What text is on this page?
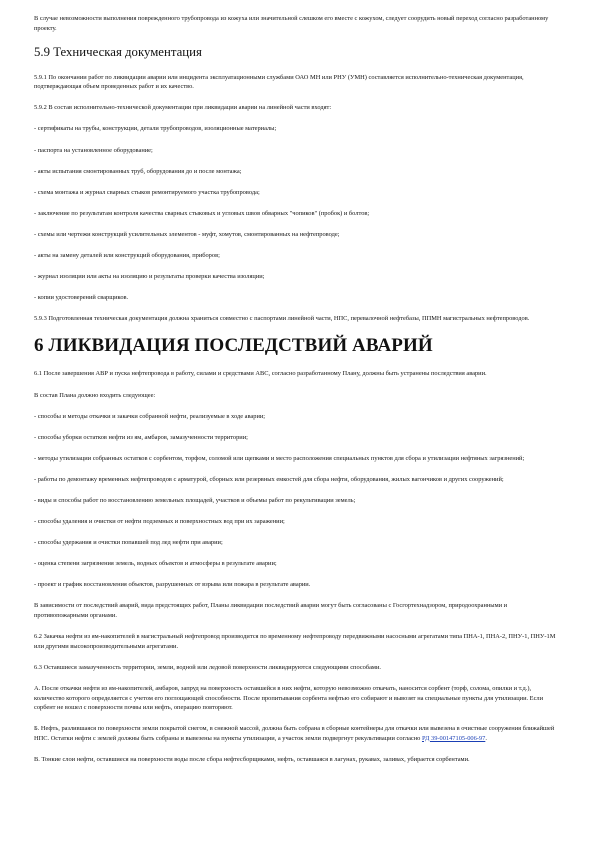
В случае невозможности выполнения поврежденного трубопровода из кожуха или значительной слешком его вместе с кожухом, следует соорудить новый переход согласно разработанному проекту.

5.9 Техническая документация

5.9.1 По окончании работ по ликвидации аварии или инцидента эксплуатационными службами ОАО МН или РНУ (УМН) составляется исполнительно-техническая документация, подтверждающая объем проведенных работ и их качество.

5.9.2 В состав исполнительно-технической документации при ликвидации аварии на линейной части входят:

- сертификаты на трубы, конструкции, детали трубопроводов, изоляционные материалы;

- паспорта на установленное оборудование;

- акты испытания смонтированных труб, оборудования до и после монтажа;

- схема монтажа и журнал сварных стыков ремонтируемого участка трубопровода;

- заключение по результатам контроля качества сварных стыковых и угловых швов обварных "чопиков" (пробок) и болтов;

- схемы или чертежи конструкций усилительных элементов - муфт, хомутов, смонтированных на нефтепроводе;

- акты на замену деталей или конструкций оборудования, приборов;

- журнал изоляции или акты на изоляцию и результаты проверки качества изоляции;

- копии удостоверений сварщиков.

5.9.3 Подготовленная техническая документация должна храниться совместно с паспортами линейной части, НПС, перевалочной нефтебазы, ППМН магистральных нефтепроводов.

6 ЛИКВИДАЦИЯ ПОСЛЕДСТВИЙ АВАРИЙ

6.1 После завершения АВР и пуска нефтепровода в работу, силами и средствами АВС, согласно разработанному Плану, должны быть устранены последствия аварии.

В состав Плана должно входить следующее:

- способы и методы откачки и закачки собранной нефти, реализуемые в ходе аварии;

- способы уборки остатков нефти из ям, амбаров, замазученности территории;

- методы утилизации собранных остатков с сорбентом, торфом, соломой или щепками и место расположения специальных пунктов для сбора и утилизации нефтяных загрязнений;

- работы по демонтажу временных нефтепроводов с арматурой, сборных или резервных емкостей для сбора нефти, оборудования, жилых вагончиков и других сооружений;

- виды и способы работ по восстановлению земельных площадей, участков и объемы работ по рекультивации земель;

- способы удаления и очистки от нефти подземных и поверхностных вод при их заражении;

- способы удержания и очистки попавшей под лед нефти при аварии;

- оценка степени загрязнения земель, водных объектов и атмосферы в результате аварии;

- проект и график восстановления объектов, разрушенных от взрыва или пожара в результате аварии.

В зависимости от последствий аварий, вида предстоящих работ, Планы ликвидации последствий аварии могут быть согласованы с Госгортехнадзором, природоохранными и противопожарными органами.

6.2 Закачка нефти из ям-накопителей в магистральный нефтепровод производится по временному нефтепроводу передвижными насосными агрегатами типа ПНА-1, ПНА-2, ПНУ-1, ПНУ-1М или другими высокопроизводительными агрегатами.

6.3 Оставшиеся замазученность территории, земли, водной или ледовой поверхности ликвидируются следующими способами.

А. После откачки нефти из ям-накопителей, амбаров, запруд на поверхность оставшейся в них нефти, которую невозможно откачать, наносится сорбент (торф, солома, опилки и т.д.), количество которого определяется с учетом его поглощающей способности. После пропитывания сорбента нефтью его собирают и вывозят на специальные пункты для утилизации. Если сорбент не вошел с поверхности почвы или нефть, операцию повторяют.

Б. Нефть, разлившаяся по поверхности земли покрытой снегом, в снежной массой, должна быть собрана в сборные контейнеры для откачки или вывезена в очистные сооружения ближайшей НПС. Остатки нефти с землей должны быть собраны и вывезены на пункты утилизации, а участок земли подвергнут рекультивации согласно РД 39-00147105-006-97.

В. Тонкие слои нефти, оставшиеся на поверхности воды после сбора нефтесборщиками, нефть, оставшаяся в лагунах, рукавах, заливах, убирается сорбентами.
